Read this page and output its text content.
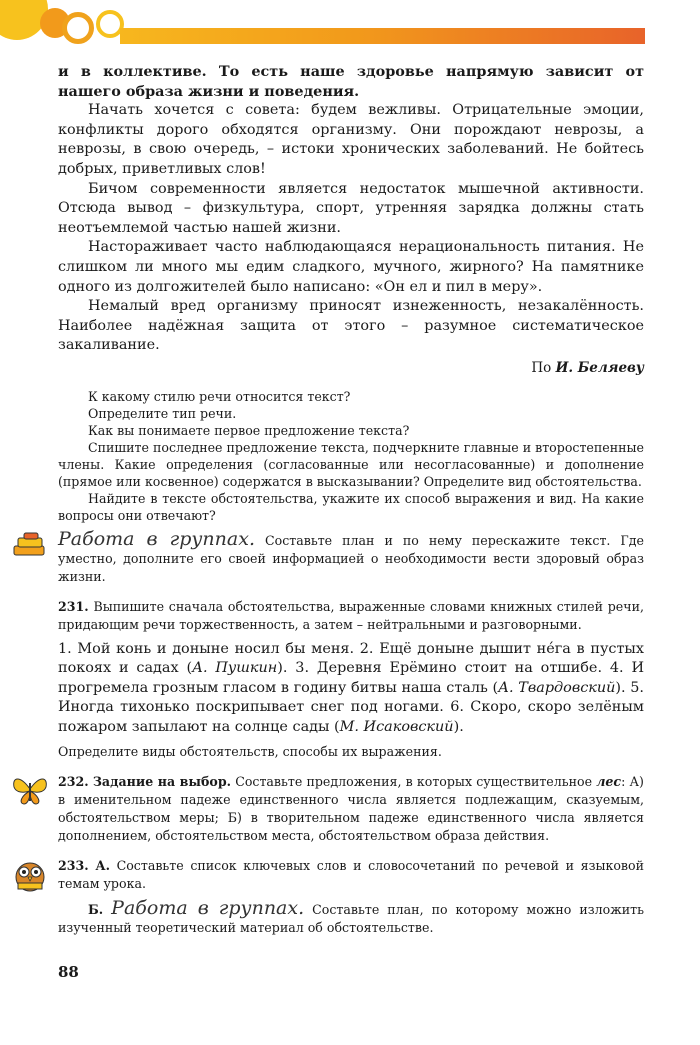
и в коллективе. То есть наше здоровье напрямую зависит от нашего образа жизни и поведения.

Начать хочется с совета: будем вежливы. Отрицательные эмоции, конфликты дорого обходятся организму. Они порождают неврозы, а неврозы, в свою очередь, – истоки хронических заболеваний. Не бойтесь добрых, приветливых слов!

Бичом современности является недостаток мышечной активности. Отсюда вывод – физкультура, спорт, утренняя зарядка должны стать неотъемлемой частью нашей жизни.

Настораживает часто наблюдающаяся нерациональность питания. Не слишком ли много мы едим сладкого, мучного, жирного? На памятнике одного из долгожителей было написано: «Он ел и пил в меру».

Немалый вред организму приносят изнеженность, незакалённость. Наиболее надёжная защита от этого – разумное систематическое закаливание.

По И. Беляеву

К какому стилю речи относится текст?

Определите тип речи.

Как вы понимаете первое предложение текста?

Спишите последнее предложение текста, подчеркните главные и второстепенные члены. Какие определения (согласованные или несогласованные) и дополнение (прямое или косвенное) содержатся в высказывании? Определите вид обстоятельства.

Найдите в тексте обстоятельства, укажите их способ выражения и вид. На какие вопросы они отвечают?

Работа в группах. Составьте план и по нему перескажите текст. Где уместно, дополните его своей информацией о необходимости вести здоровый образ жизни.

231. Выпишите сначала обстоятельства, выраженные словами книжных стилей речи, придающим речи торжественность, а затем – нейтральными и разговорными.

1. Мой конь и доныне носил бы меня. 2. Ещё доныне дышит нéга в пустых покоях и садах (А. Пушкин). 3. Деревня Ерёмино стоит на отшибе. 4. И прогремела грозным гласом в годину битвы наша сталь (А. Твардовский). 5. Иногда тихонько поскрипывает снег под ногами. 6. Скоро, скоро зелёным пожаром запылают на солнце сады (М. Исаковский).

Определите виды обстоятельств, способы их выражения.

232. Задание на выбор. Составьте предложения, в которых существительное лес: А) в именительном падеже единственного числа является подлежащим, сказуемым, обстоятельством меры; Б) в творительном падеже единственного числа является дополнением, обстоятельством места, обстоятельством образа действия.

233. А. Составьте список ключевых слов и словосочетаний по речевой и языковой темам урока.

Б. Работа в группах. Составьте план, по которому можно изложить изученный теоретический материал об обстоятельстве.

88
